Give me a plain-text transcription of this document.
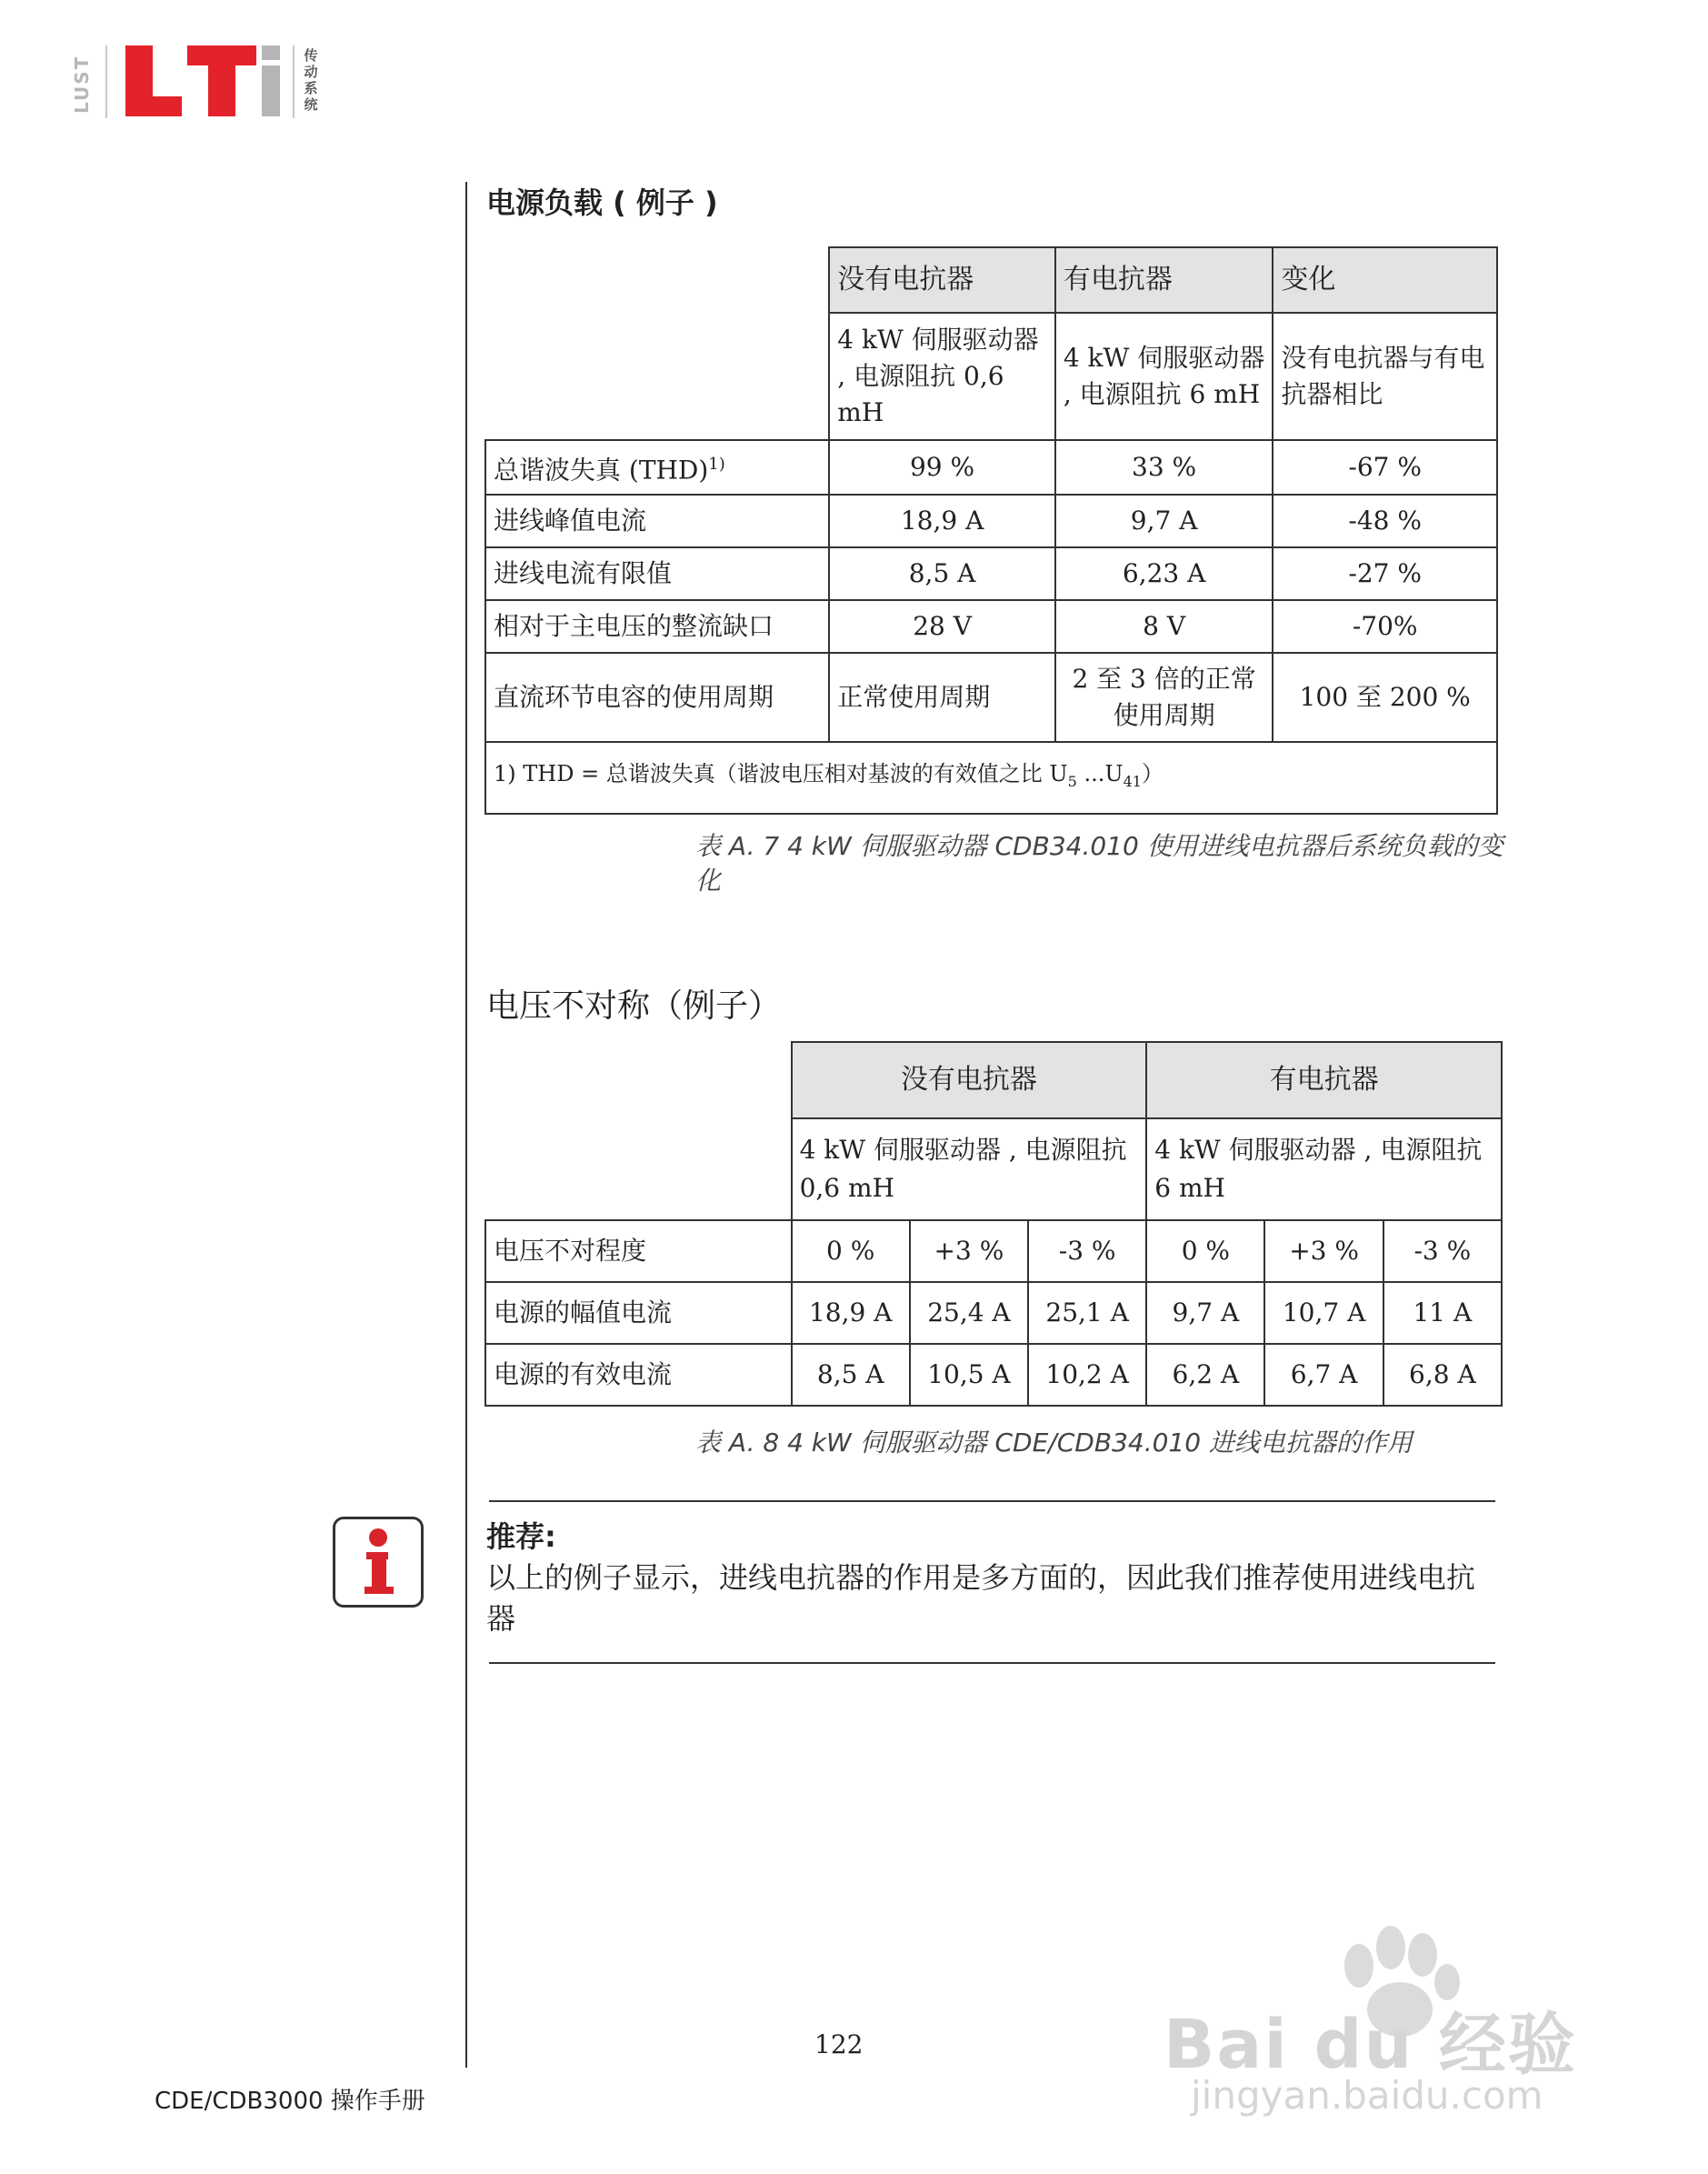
LUST	传动系统
电源负载 ( 例子 )
	没有电抗器	有电抗器	变化
	4 kW 伺服驱动器 , 电源阻抗 0,6 mH	4 kW 伺服驱动器 , 电源阻抗 6 mH	没有电抗器与有电抗器相比
总谐波失真 (THD)$^{1)}$	99 %	33 %	-67 %
进线峰值电流	18,9 A	9,7 A	-48 %
进线电流有限值	8,5 A	6,23 A	-27 %
相对于主电压的整流缺口	28 V	8 V	-70%
直流环节电容的使用周期	正常使用周期	2 至 3 倍的正常使用周期	100 至 200 %
1) THD = 总谐波失真（谐波电压相对基波的有效值之比 $U_5$ $...U_{41}$）			
表 A. 7 4 kW 伺服驱动器 CDB34.010 使用进线电抗器后系统负载的变化
电压不对称（例子）
	没有电抗器			有电抗器		
	4 kW 伺服驱动器 , 电源阻抗 0,6 mH			4 kW 伺服驱动器 , 电源阻抗 6 mH		
电压不对程度	0 %	+3 %	-3 %	0 %	+3 %	-3 %
电源的幅值电流	18,9 A	25,4 A	25,1 A	9,7 A	10,7 A	11 A
电源的有效电流	8,5 A	10,5 A	10,2 A	6,2 A	6,7 A	6,8 A
表 A. 8 4 kW 伺服驱动器 CDE/CDB34.010 进线电抗器的作用
推荐:
以上的例子显示，进线电抗器的作用是多方面的，因此我们推荐使用进线电抗器
122
CDE/CDB3000 操作手册
Bai du 经验
jingyan.baidu.com
